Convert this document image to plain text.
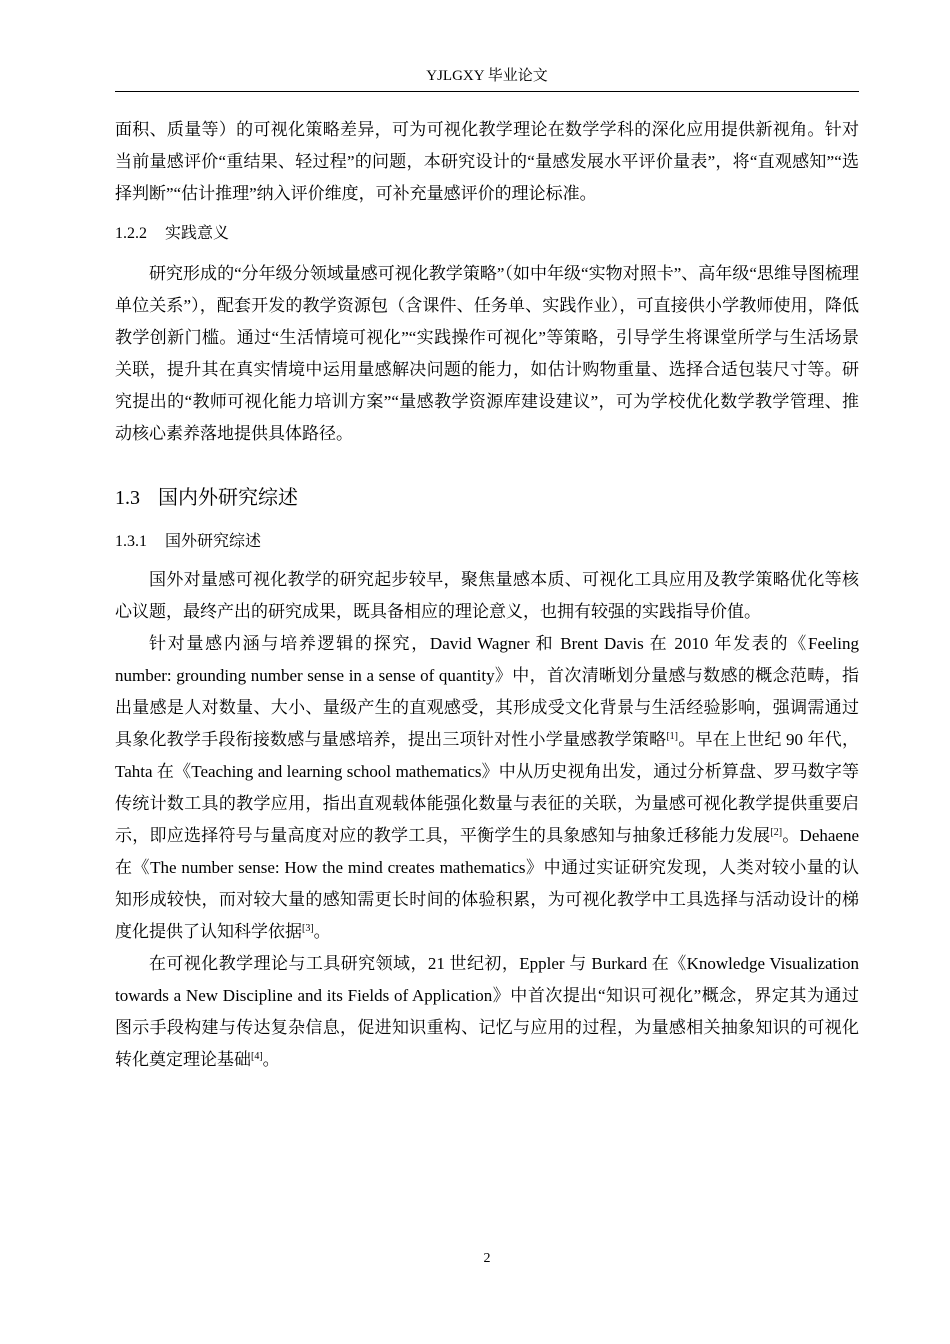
YJLGXY 毕业论文

面积、质量等）的可视化策略差异，可为可视化教学理论在数学学科的深化应用提供新视角。针对当前量感评价“重结果、轻过程”的问题，本研究设计的“量感发展水平评价量表”，将“直观感知”“选择判断”“估计推理”纳入评价维度，可补充量感评价的理论标准。

1.2.2 实践意义

研究形成的“分年级分领域量感可视化教学策略”（如中年级“实物对照卡”、高年级“思维导图梳理单位关系”），配套开发的教学资源包（含课件、任务单、实践作业），可直接供小学教师使用，降低教学创新门槛。通过“生活情境可视化”“实践操作可视化”等策略，引导学生将课堂所学与生活场景关联，提升其在真实情境中运用量感解决问题的能力，如估计购物重量、选择合适包装尺寸等。研究提出的“教师可视化能力培训方案”“量感教学资源库建设建议”，可为学校优化数学教学管理、推动核心素养落地提供具体路径。

1.3 国内外研究综述
1.3.1 国外研究综述

国外对量感可视化教学的研究起步较早，聚焦量感本质、可视化工具应用及教学策略优化等核心议题，最终产出的研究成果，既具备相应的理论意义，也拥有较强的实践指导价值。

针对量感内涵与培养逻辑的探究，David Wagner 和 Brent Davis 在 2010 年发表的《Feeling number: grounding number sense in a sense of quantity》中，首次清晰划分量感与数感的概念范畴，指出量感是人对数量、大小、量级产生的直观感受，其形成受文化背景与生活经验影响，强调需通过具象化教学手段衔接数感与量感培养，提出三项针对性小学量感教学策略[1]。早在上世纪 90 年代，Tahta 在《Teaching and learning school mathematics》中从历史视角出发，通过分析算盘、罗马数字等传统计数工具的教学应用，指出直观载体能强化数量与表征的关联，为量感可视化教学提供重要启示，即应选择符号与量高度对应的教学工具，平衡学生的具象感知与抽象迁移能力发展[2]。Dehaene 在《The number sense: How the mind creates mathematics》中通过实证研究发现，人类对较小量的认知形成较快，而对较大量的感知需更长时间的体验积累，为可视化教学中工具选择与活动设计的梯度化提供了认知科学依据[3]。

在可视化教学理论与工具研究领域，21 世纪初，Eppler 与 Burkard 在《Knowledge Visualization towards a New Discipline and its Fields of Application》中首次提出“知识可视化”概念，界定其为通过图示手段构建与传达复杂信息，促进知识重构、记忆与应用的过程，为量感相关抽象知识的可视化转化奠定理论基础[4]。

2
